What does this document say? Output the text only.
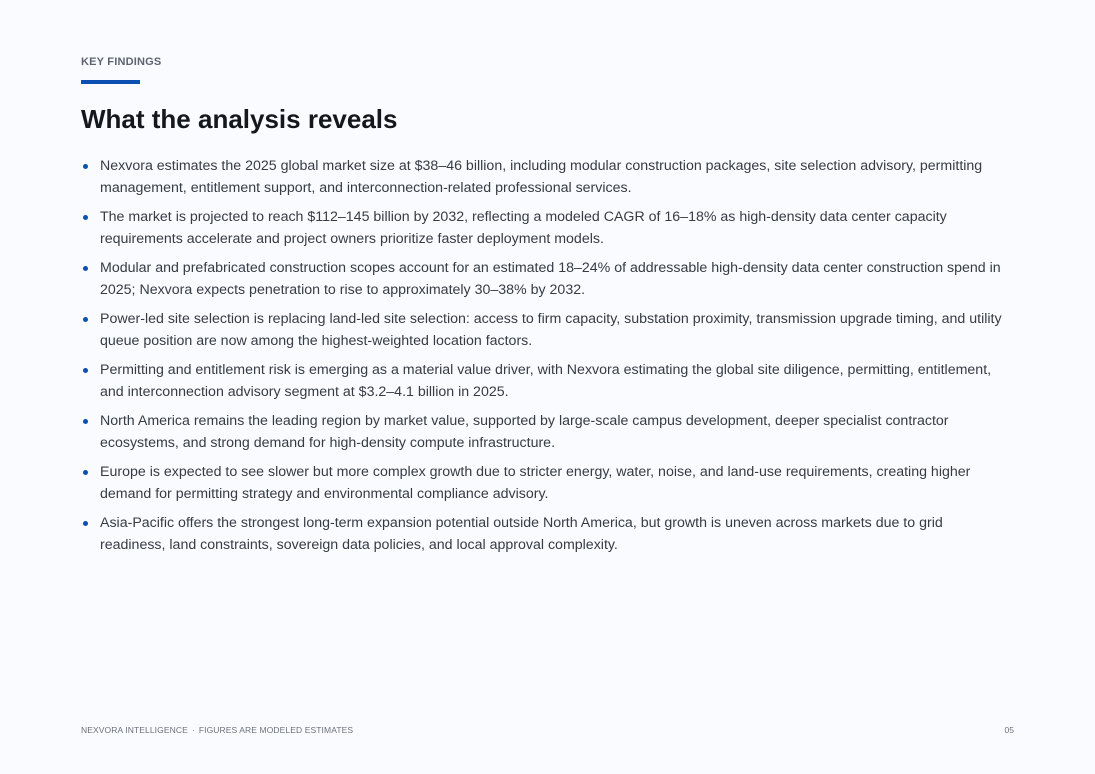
KEY FINDINGS
What the analysis reveals
Nexvora estimates the 2025 global market size at $38–46 billion, including modular construction packages, site selection advisory, permitting management, entitlement support, and interconnection-related professional services.
The market is projected to reach $112–145 billion by 2032, reflecting a modeled CAGR of 16–18% as high-density data center capacity requirements accelerate and project owners prioritize faster deployment models.
Modular and prefabricated construction scopes account for an estimated 18–24% of addressable high-density data center construction spend in 2025; Nexvora expects penetration to rise to approximately 30–38% by 2032.
Power-led site selection is replacing land-led site selection: access to firm capacity, substation proximity, transmission upgrade timing, and utility queue position are now among the highest-weighted location factors.
Permitting and entitlement risk is emerging as a material value driver, with Nexvora estimating the global site diligence, permitting, entitlement, and interconnection advisory segment at $3.2–4.1 billion in 2025.
North America remains the leading region by market value, supported by large-scale campus development, deeper specialist contractor ecosystems, and strong demand for high-density compute infrastructure.
Europe is expected to see slower but more complex growth due to stricter energy, water, noise, and land-use requirements, creating higher demand for permitting strategy and environmental compliance advisory.
Asia-Pacific offers the strongest long-term expansion potential outside North America, but growth is uneven across markets due to grid readiness, land constraints, sovereign data policies, and local approval complexity.
NEXVORA INTELLIGENCE · FIGURES ARE MODELED ESTIMATES	05
